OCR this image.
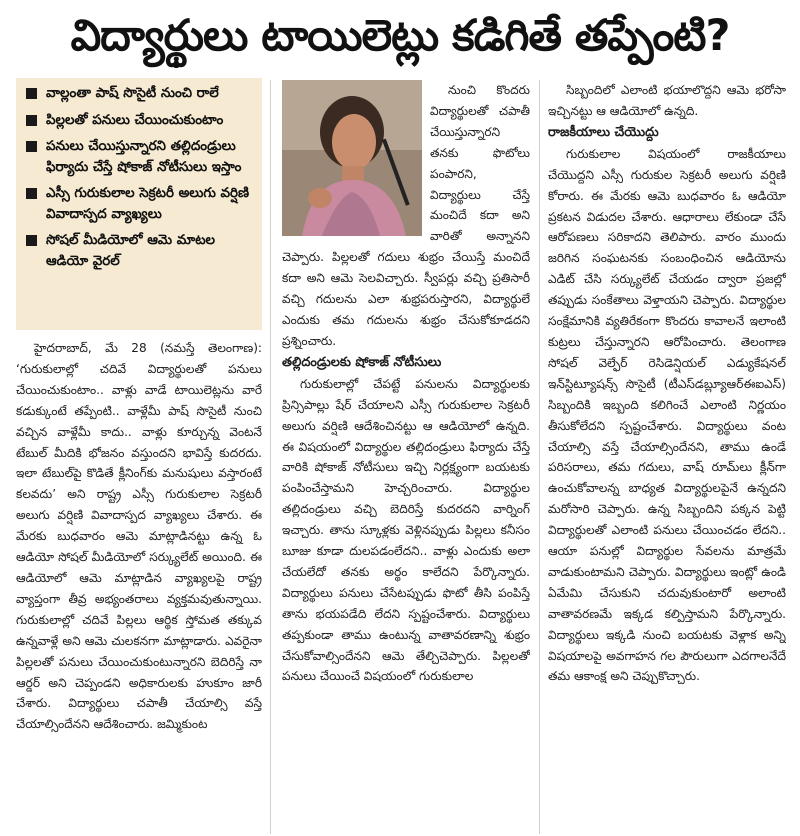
విద్యార్థులు టాయిలెట్లు కడిగితే తప్పేంటి?
వాల్లంతా పాష్‌ సొసైటీ నుంచి రాలే
పిల్లలతో పనులు చేయించుకుంటాం
పనులు చేయిస్తున్నారని తల్లిదండ్రులు ఫిర్యాదు చేస్తే షోకాజ్‌ నోటీసులు ఇస్తాం
ఎస్సీ గురుకులాల సెక్రటరీ అలుగు వర్షిణి వివాదాస్పద వ్యాఖ్యలు
సోషల్‌ మీడియోలో ఆమె మాటల ఆడియో వైరల్‌

హైదరాబాద్‌, మే 28 (నమస్తే తెలంగాణ): ‘గురుకులాల్లో చదివే విద్యార్థులతో పనులు చేయించుకుంటాం.. వాళ్లు వాడే టాయిలెట్లను వారే కడుక్కుంటే తప్పేంటి.. వాళ్లేమీ పాష్‌ సొసైటీ నుంచి వచ్చిన వాళ్లేమీ కాదు.. వాళ్లు కూర్చున్న వెంటనే టేబుల్‌ మీదికి భోజనం వస్తుందని భావిస్తే కుదరదు. ఇలా టేబుల్‌పై కొడితే క్లీనింగ్‌కు మనుషులు వస్తారంటే కలవదు’ అని రాష్ట్ర ఎస్సీ గురుకులాల సెక్రటరీ అలుగు వర్షిణి వివాదాస్పద వ్యాఖ్యలు చేశారు. ఈ మేరకు బుధవారం ఆమె మాట్లాడినట్టు ఉన్న ఓ ఆడియో సోషల్‌ మీడియోలో సర్క్యులేట్‌ అయింది. ఈ ఆడియోలో ఆమె మాట్లాడిన వ్యాఖ్యలపై రాష్ట్ర వ్యాప్తంగా తీవ్ర అభ్యంతరాలు వ్యక్తమవుతున్నాయి. గురుకులాల్లో చదివే పిల్లలు ఆర్థిక స్తోమత తక్కువ ఉన్నవాళ్లే అని ఆమె చులకనగా మాట్లాడారు. ఎవరైనా పిల్లలతో పనులు చేయించుకుంటున్నారని బెదిరిస్తే నా ఆర్డర్‌ అని చెప్పండని అధికారులకు హుకూం జారీ చేశారు. విద్యార్థులు చపాతీ చేయాల్సి వస్తే చేయాల్సిందేనని ఆదేశించారు. జమ్మికుంట

నుంచి కొందరు విద్యార్థులతో చపాతీ చేయిస్తున్నారని తనకు ఫొటోలు పంపారని, విద్యార్థులు చేస్తే మంచిదే కదా అని వారితో అన్నానని చెప్పారు. పిల్లలతో గదులు శుభ్రం చేయిస్తే మంచిదే కదా అని ఆమె సెలవిచ్చారు. స్వీపర్లు వచ్చి ప్రతిసారీ వచ్చి గదులను ఎలా శుభ్రపరుస్తారని, విద్యార్థులే ఎందుకు తమ గదులను శుభ్రం చేసుకోకూడదని ప్రశ్నించారు.

తల్లిదండ్రులకు షోకాజ్‌ నోటీసులు

గురుకులాల్లో చేపట్టే పనులను విద్యార్థులకు ప్రిన్సిపాల్లు షేర్‌ చేయాలని ఎస్సీ గురుకులాల సెక్రటరీ అలుగు వర్షిణి ఆదేశించినట్టు ఆ ఆడియోలో ఉన్నది. ఈ విషయంలో విద్యార్థుల తల్లిదండ్రులు ఫిర్యాదు చేస్తే వారికి షోకాజ్‌ నోటీసులు ఇచ్చి నిర్లక్ష్యంగా బయటకు పంపించేస్తామని హెచ్చరించారు. విద్యార్థుల తల్లిదండ్రులు వచ్చి బెదిరిస్తే కుదరదని వార్నింగ్‌ ఇచ్చారు. తాను స్కూళ్లకు వెళ్లినప్పుడు పిల్లలు కనీసం బూజు కూడా దులపడంలేదని.. వాళ్లు ఎందుకు అలా చేయలేదో తనకు అర్థం కాలేదని పేర్కొన్నారు. విద్యార్థులు పనులు చేసేటప్పుడు ఫొటో తీసి పంపిస్తే తాను భయపడేది లేదని స్పష్టంచేశారు. విద్యార్థులు తప్పకుండా తాము ఉంటున్న వాతావరణాన్ని శుభ్రం చేసుకోవాల్సిందేనని ఆమె తేల్చిచెప్పారు. పిల్లలతో పనులు చేయించే విషయంలో గురుకులాల

సిబ్బందిలో ఎలాంటి భయాలొద్దని ఆమె భరోసా ఇచ్చినట్టు ఆ ఆడియోలో ఉన్నది.

రాజకీయాలు చేయొద్దు

గురుకులాల విషయంలో రాజకీయాలు చేయొద్దని ఎస్సీ గురుకుల సెక్రటరీ అలుగు వర్షిణి కోరారు. ఈ మేరకు ఆమె బుధవారం ఓ ఆడియో ప్రకటన విడుదల చేశారు. ఆధారాలు లేకుండా చేసే ఆరోపణలు సరికాదని తెలిపారు. వారం ముందు జరిగిన సంఘటనకు సంబంధించిన ఆడియోను ఎడిట్‌ చేసి సర్క్యులేట్‌ చేయడం ద్వారా ప్రజల్లో తప్పుడు సంకేతాలు వెళ్తాయని చెప్పారు. విద్యార్థుల సంక్షేమానికి వ్యతిరేకంగా కొందరు కావాలనే ఇలాంటి కుట్రలు చేస్తున్నారని ఆరోపించారు. తెలంగాణ సోషల్‌ వెల్ఫేర్‌ రెసిడెన్షియల్‌ ఎడ్యుకేషనల్‌ ఇన్‌స్టిట్యూషన్స్‌ సొసైటీ (టీఎస్‌డబ్ల్యూఆర్‌ఈఐఎస్‌) సిబ్బందికి ఇబ్బంది కలిగించే ఎలాంటి నిర్ణయం తీసుకోలేదని స్పష్టంచేశారు. విద్యార్థులు వంట చేయాల్సి వస్తే చేయాల్సిందేనని, తాము ఉండే పరిసరాలు, తమ గదులు, వాష్‌ రూమ్‌లు క్లీన్‌గా ఉంచుకోవాలన్న బాధ్యత విద్యార్థులపైనే ఉన్నదని మరోసారి చెప్పారు. ఉన్న సిబ్బందిని పక్కన పెట్టి విద్యార్థులతో ఎలాంటి పనులు చేయించడం లేదని.. ఆయా పనుల్లో విద్యార్థుల సేవలను మాత్రమే వాడుకుంటామని చెప్పారు. విద్యార్థులు ఇంట్లో ఉండి ఏమేమి చేసుకుని చదువుకుంటారో అలాంటి వాతావరణమే ఇక్కడ కల్పిస్తామని పేర్కొన్నారు. విద్యార్థులు ఇక్కడి నుంచి బయటకు వెళ్లాక అన్ని విషయాలపై అవగాహన గల పౌరులుగా ఎదగాలనేదే తమ ఆకాంక్ష అని చెప్పుకొచ్చారు.
